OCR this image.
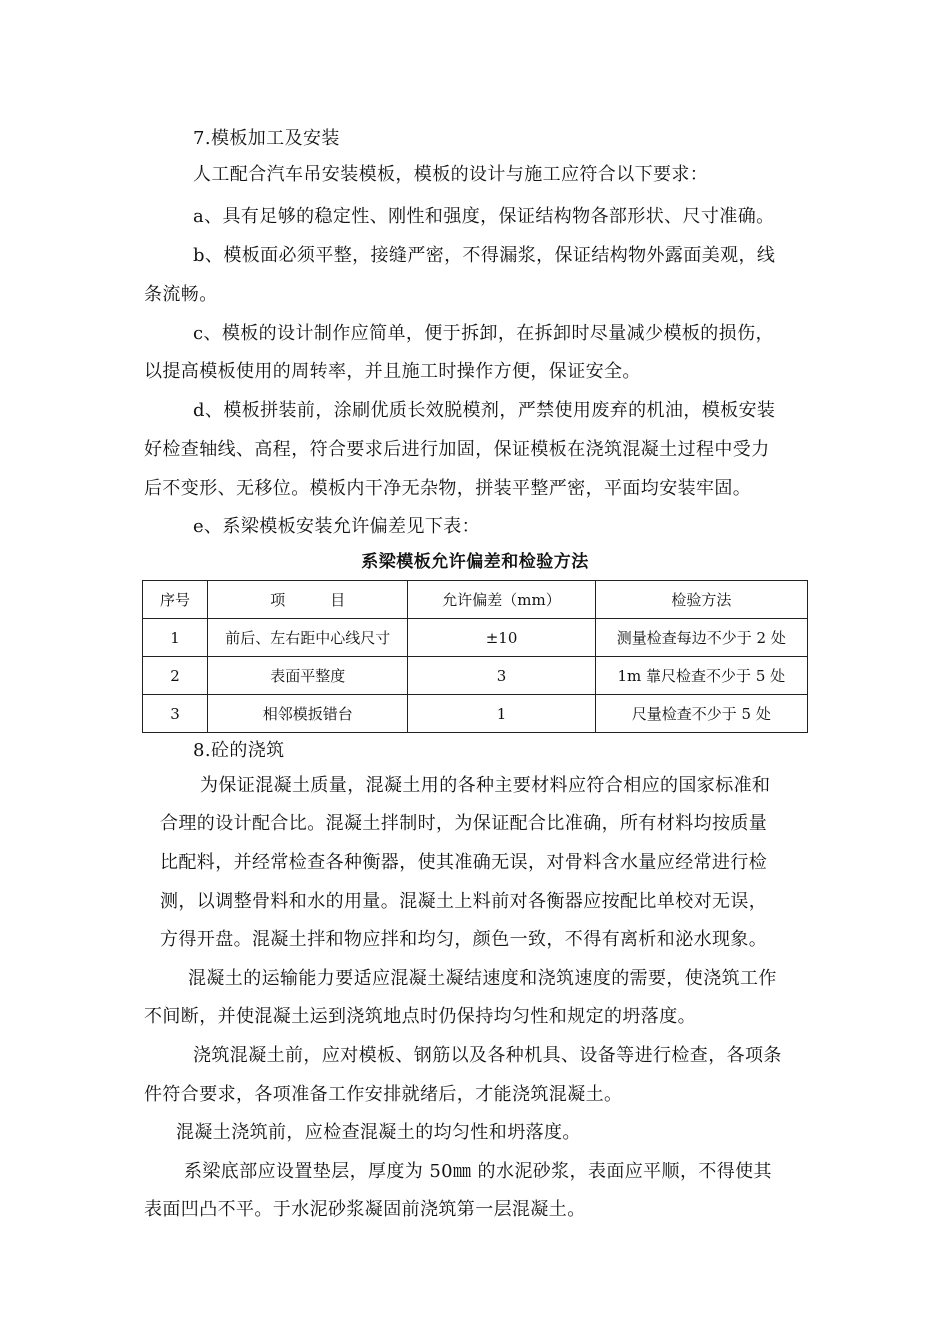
7.模板加工及安装

人工配合汽车吊安装模板，模板的设计与施工应符合以下要求：

a、具有足够的稳定性、刚性和强度，保证结构物各部形状、尺寸准确。

b、模板面必须平整，接缝严密，不得漏浆，保证结构物外露面美观，线

条流畅。

c、模板的设计制作应简单，便于拆卸，在拆卸时尽量减少模板的损伤，

以提高模板使用的周转率，并且施工时操作方便，保证安全。

d、模板拼装前，涂刷优质长效脱模剂，严禁使用废弃的机油，模板安装

好检查轴线、高程，符合要求后进行加固，保证模板在浇筑混凝土过程中受力

后不变形、无移位。模板内干净无杂物，拼装平整严密，平面均安装牢固。

e、系梁模板安装允许偏差见下表：

系梁模板允许偏差和检验方法

序号	项　　　目	允许偏差（mm）	检验方法
1	前后、左右距中心线尺寸	±10	测量检查每边不少于 2 处
2	表面平整度	3	1m 靠尺检查不少于 5 处
3	相邻模扳错台	1	尺量检查不少于 5 处

8.砼的浇筑

为保证混凝土质量，混凝土用的各种主要材料应符合相应的国家标准和

合理的设计配合比。混凝土拌制时，为保证配合比准确，所有材料均按质量

比配料，并经常检查各种衡器，使其准确无误，对骨料含水量应经常进行检

测，以调整骨料和水的用量。混凝土上料前对各衡器应按配比单校对无误，

方得开盘。混凝土拌和物应拌和均匀，颜色一致，不得有离析和泌水现象。

混凝土的运输能力要适应混凝土凝结速度和浇筑速度的需要，使浇筑工作

不间断，并使混凝土运到浇筑地点时仍保持均匀性和规定的坍落度。

浇筑混凝土前，应对模板、钢筋以及各种机具、设备等进行检查，各项条

件符合要求，各项准备工作安排就绪后，才能浇筑混凝土。

混凝土浇筑前，应检查混凝土的均匀性和坍落度。

系梁底部应设置垫层，厚度为 50㎜ 的水泥砂浆，表面应平顺，不得使其

表面凹凸不平。于水泥砂浆凝固前浇筑第一层混凝土。
